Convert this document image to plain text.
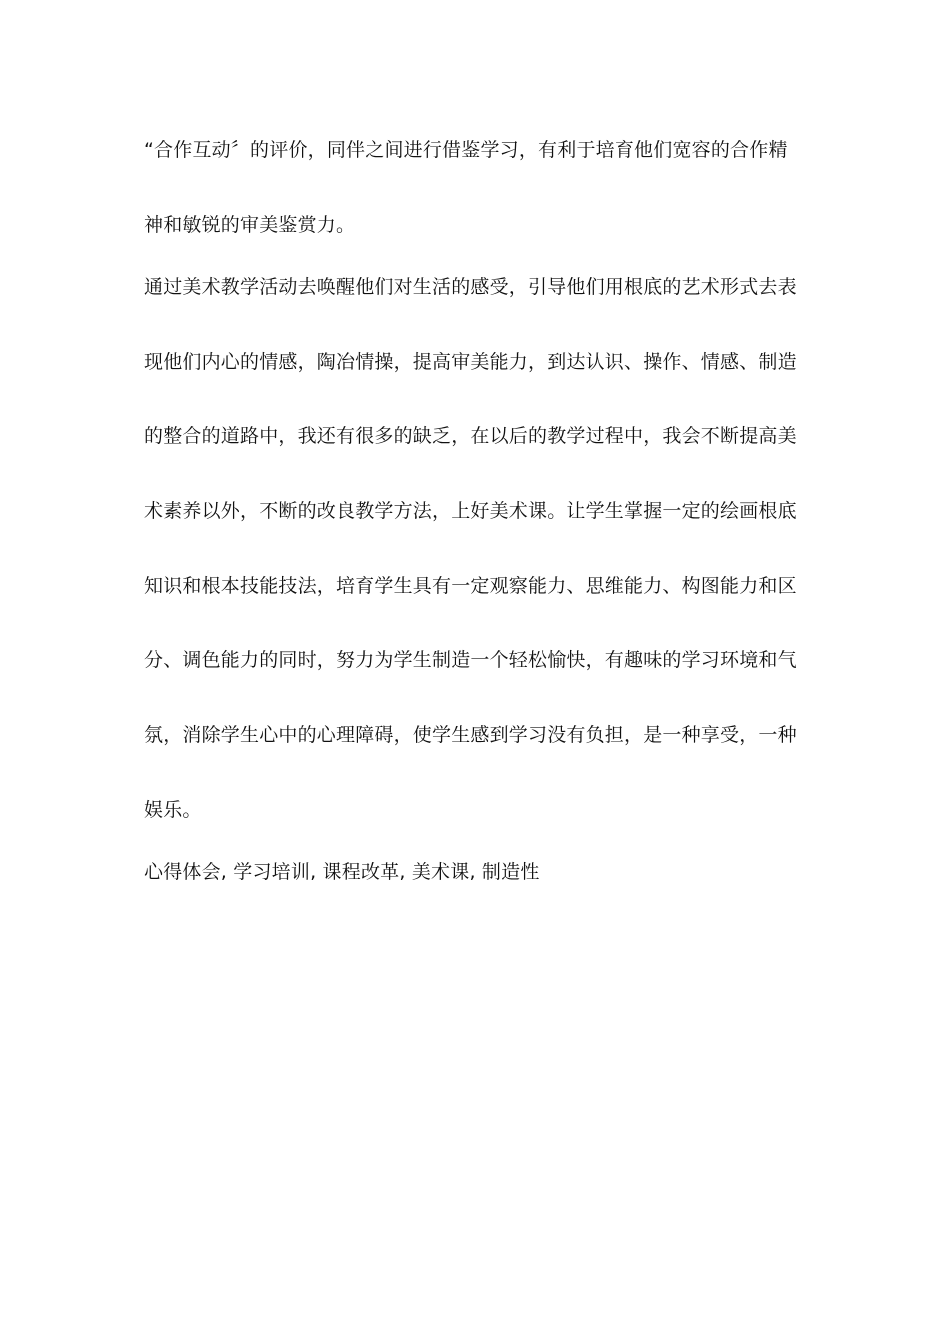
“合作互动〞的评价，同伴之间进行借鉴学习，有利于培育他们宽容的合作精
神和敏锐的审美鉴赏力。
通过美术教学活动去唤醒他们对生活的感受，引导他们用根底的艺术形式去表
现他们内心的情感，陶冶情操，提高审美能力，到达认识、操作、情感、制造
的整合的道路中，我还有很多的缺乏，在以后的教学过程中，我会不断提高美
术素养以外，不断的改良教学方法，上好美术课。让学生掌握一定的绘画根底
知识和根本技能技法，培育学生具有一定观察能力、思维能力、构图能力和区
分、调色能力的同时，努力为学生制造一个轻松愉快，有趣味的学习环境和气
氛，消除学生心中的心理障碍，使学生感到学习没有负担，是一种享受，一种
娱乐。
心得体会, 学习培训, 课程改革, 美术课, 制造性
